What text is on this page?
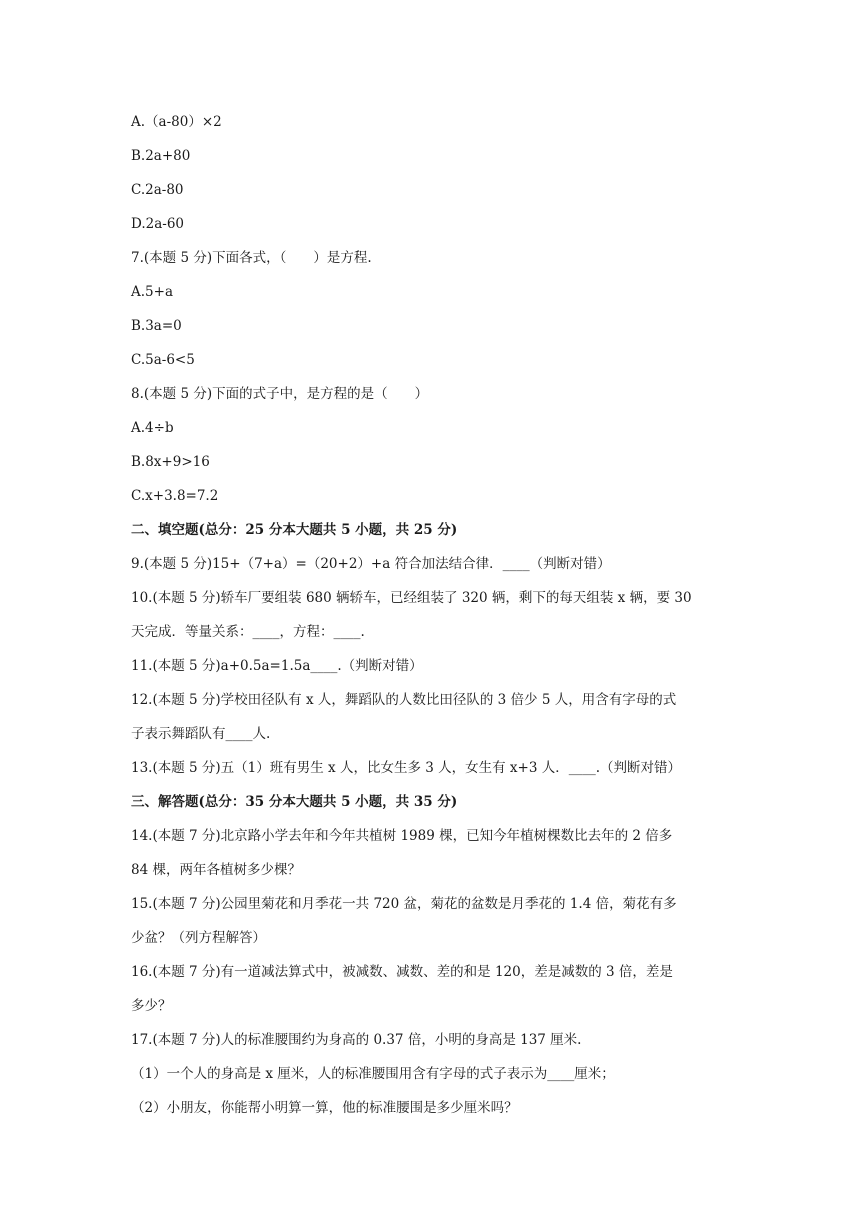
A.（a-80）×2
B.2a+80
C.2a-80
D.2a-60
7.(本题 5 分)下面各式，（　　）是方程.
A.5+a
B.3a=0
C.5a-6<5
8.(本题 5 分)下面的式子中，是方程的是（　　）
A.4÷b
B.8x+9>16
C.x+3.8=7.2
二、填空题(总分：25 分本大题共 5 小题，共 25 分)
9.(本题 5 分)15+（7+a）=（20+2）+a 符合加法结合律．____（判断对错）
10.(本题 5 分)轿车厂要组装 680 辆轿车，已经组装了 320 辆，剩下的每天组装 x 辆，要 30
天完成．等量关系：____，方程：____.
11.(本题 5 分)a+0.5a=1.5a____.（判断对错）
12.(本题 5 分)学校田径队有 x 人，舞蹈队的人数比田径队的 3 倍少 5 人，用含有字母的式
子表示舞蹈队有____人.
13.(本题 5 分)五（1）班有男生 x 人，比女生多 3 人，女生有 x+3 人．____.（判断对错）
三、解答题(总分：35 分本大题共 5 小题，共 35 分)
14.(本题 7 分)北京路小学去年和今年共植树 1989 棵，已知今年植树棵数比去年的 2 倍多
84 棵，两年各植树多少棵？
15.(本题 7 分)公园里菊花和月季花一共 720 盆，菊花的盆数是月季花的 1.4 倍，菊花有多
少盆？（列方程解答）
16.(本题 7 分)有一道减法算式中，被减数、减数、差的和是 120，差是减数的 3 倍，差是
多少？
17.(本题 7 分)人的标准腰围约为身高的 0.37 倍，小明的身高是 137 厘米.
（1）一个人的身高是 x 厘米，人的标准腰围用含有字母的式子表示为____厘米；
（2）小朋友，你能帮小明算一算，他的标准腰围是多少厘米吗？
